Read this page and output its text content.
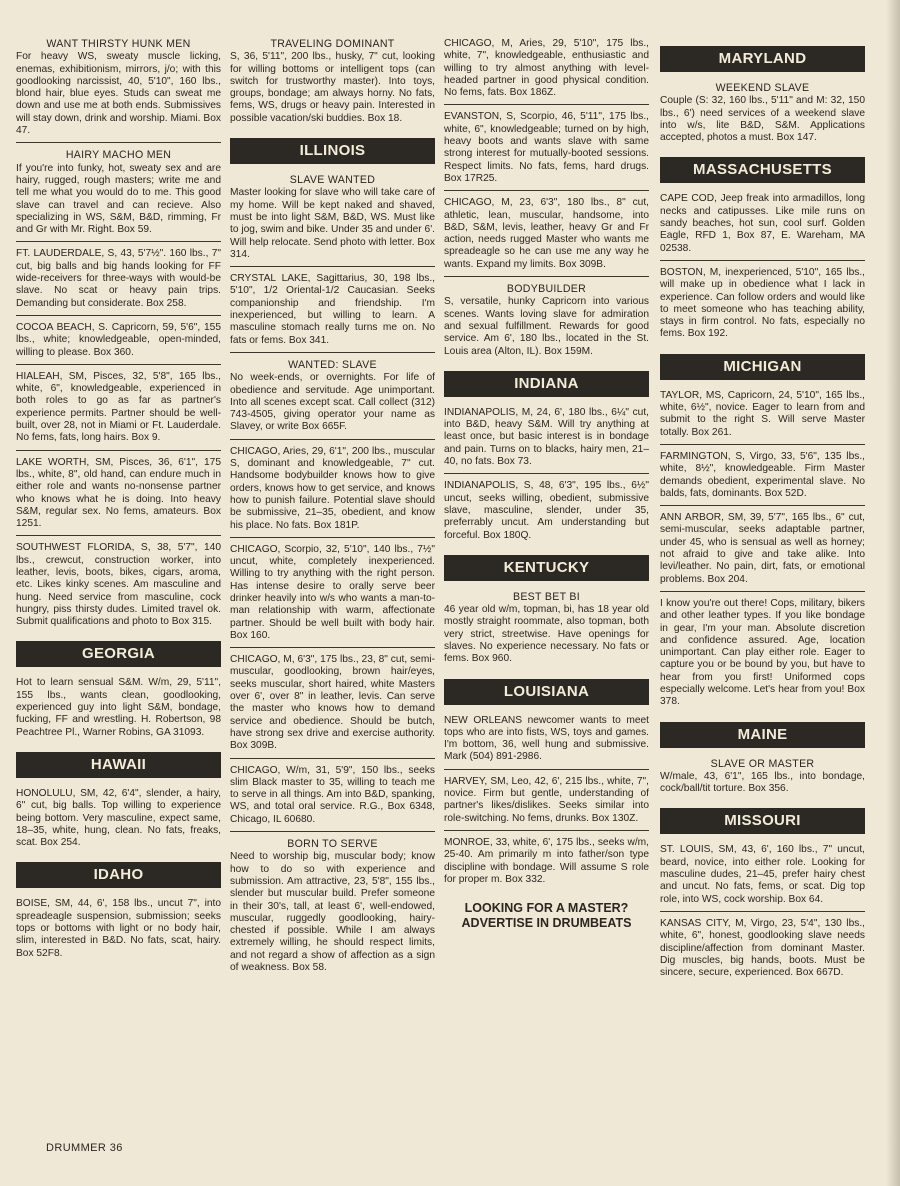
WANT THIRSTY HUNK MEN
For heavy WS, sweaty muscle licking, enemas, exhibitionism, mirrors, j/o; with this goodlooking narcissist, 40, 5'10", 160 lbs., blond hair, blue eyes. Studs can sweat me down and use me at both ends. Submissives will stay down, drink and worship. Miami. Box 47.
HAIRY MACHO MEN
If you're into funky, hot, sweaty sex and are hairy, rugged, rough masters; write me and tell me what you would do to me. This good slave can travel and can recieve. Also specializing in WS, S&M, B&D, rimming, Fr and Gr with Mr. Right. Box 59.
FT. LAUDERDALE, S, 43, 5'7½". 160 lbs., 7" cut, big balls and big hands looking for FF wide-receivers for three-ways with would-be slave. No scat or heavy pain trips. Demanding but considerate. Box 258.
COCOA BEACH, S. Capricorn, 59, 5'6", 155 lbs., white; knowledgeable, open-minded, willing to please. Box 360.
HIALEAH, SM, Pisces, 32, 5'8", 165 lbs., white, 6", knowledgeable, experienced in both roles to go as far as partner's experience permits. Partner should be well-built, over 28, not in Miami or Ft. Lauderdale. No fems, fats, long hairs. Box 9.
LAKE WORTH, SM, Pisces, 36, 6'1", 175 lbs., white, 8", old hand, can endure much in either role and wants no-nonsense partner who knows what he is doing. Into heavy S&M, regular sex. No fems, amateurs. Box 1251.
SOUTHWEST FLORIDA, S, 38, 5'7", 140 lbs., crewcut, construction worker, into leather, levis, boots, bikes, cigars, aroma, etc. Likes kinky scenes. Am masculine and hung. Need service from masculine, cock hungry, piss thirsty dudes. Limited travel ok. Submit qualifications and photo to Box 315.
GEORGIA
Hot to learn sensual S&M. W/m, 29, 5'11", 155 lbs., wants clean, goodlooking, experienced guy into light S&M, bondage, fucking, FF and wrestling. H. Robertson, 98 Peachtree Pl., Warner Robins, GA 31093.
HAWAII
HONOLULU, SM, 42, 6'4", slender, a hairy, 6" cut, big balls. Top willing to experience being bottom. Very masculine, expect same, 18–35, white, hung, clean. No fats, freaks, scat. Box 254.
IDAHO
BOISE, SM, 44, 6', 158 lbs., uncut 7", into spreadeagle suspension, submission; seeks tops or bottoms with light or no body hair, slim, interested in B&D. No fats, scat, hairy. Box 52F8.
TRAVELING DOMINANT
S, 36, 5'11", 200 lbs., husky, 7" cut, looking for willing bottoms or intelligent tops (can switch for trustworthy master). Into toys, groups, bondage; am always horny. No fats, fems, WS, drugs or heavy pain. Interested in possible vacation/ski buddies. Box 18.
ILLINOIS
SLAVE WANTED
Master looking for slave who will take care of my home. Will be kept naked and shaved, must be into light S&M, B&D, WS. Must like to jog, swim and bike. Under 35 and under 6'. Will help relocate. Send photo with letter. Box 314.
CRYSTAL LAKE, Sagittarius, 30, 198 lbs., 5'10", 1/2 Oriental-1/2 Caucasian. Seeks companionship and friendship. I'm inexperienced, but willing to learn. A masculine stomach really turns me on. No fats or fems. Box 341.
WANTED: SLAVE
No week-ends, or overnights. For life of obedience and servitude. Age unimportant. Into all scenes except scat. Call collect (312) 743-4505, giving operator your name as Slavey, or write Box 665F.
CHICAGO, Aries, 29, 6'1", 200 lbs., muscular S, dominant and knowledgeable, 7" cut. Handsome bodybuilder knows how to give orders, knows how to get service, and knows how to punish failure. Potential slave should be submissive, 21–35, obedient, and know his place. No fats. Box 181P.
CHICAGO, Scorpio, 32, 5'10", 140 lbs., 7½" uncut, white, completely inexperienced. Willing to try anything with the right person. Has intense desire to orally serve beer drinker heavily into w/s who wants a man-to-man relationship with warm, affectionate partner. Should be well built with body hair. Box 160.
CHICAGO, M, 6'3", 175 lbs., 23, 8" cut, semi-muscular, goodlooking, brown hair/eyes, seeks muscular, short haired, white Masters over 6', over 8" in leather, levis. Can serve the master who knows how to demand service and obedience. Should be butch, have strong sex drive and exercise authority. Box 309B.
CHICAGO, W/m, 31, 5'9", 150 lbs., seeks slim Black master to 35, willing to teach me to serve in all things. Am into B&D, spanking, WS, and total oral service. R.G., Box 6348, Chicago, IL 60680.
BORN TO SERVE
Need to worship big, muscular body; know how to do so with experience and submission. Am attractive, 23, 5'8", 155 lbs., slender but muscular build. Prefer someone in their 30's, tall, at least 6', well-endowed, muscular, ruggedly goodlooking, hairy-chested if possible. While I am always extremely willing, he should respect limits, and not regard a show of affection as a sign of weakness. Box 58.
CHICAGO, M, Aries, 29, 5'10", 175 lbs., white, 7", knowledgeable, enthusiastic and willing to try almost anything with level-headed partner in good physical condition. No fems, fats. Box 186Z.
EVANSTON, S, Scorpio, 46, 5'11", 175 lbs., white, 6", knowledgeable; turned on by high, heavy boots and wants slave with same strong interest for mutually-booted sessions. Respect limits. No fats, fems, hard drugs. Box 17R25.
CHICAGO, M, 23, 6'3", 180 lbs., 8" cut, athletic, lean, muscular, handsome, into B&D, S&M, levis, leather, heavy Gr and Fr action, needs rugged Master who wants me spreadeagle so he can use me any way he wants. Expand my limits. Box 309B.
BODYBUILDER
S, versatile, hunky Capricorn into various scenes. Wants loving slave for admiration and sexual fulfillment. Rewards for good service. Am 6', 180 lbs., located in the St. Louis area (Alton, IL). Box 159M.
INDIANA
INDIANAPOLIS, M, 24, 6', 180 lbs., 6¼" cut, into B&D, heavy S&M. Will try anything at least once, but basic interest is in bondage and pain. Turns on to blacks, hairy men, 21–40, no fats. Box 73.
INDIANAPOLIS, S, 48, 6'3", 195 lbs., 6½" uncut, seeks willing, obedient, submissive slave, masculine, slender, under 35, preferrably uncut. Am understanding but forceful. Box 180Q.
KENTUCKY
BEST BET BI
46 year old w/m, topman, bi, has 18 year old mostly straight roommate, also topman, both very strict, streetwise. Have openings for slaves. No experience necessary. No fats or fems. Box 960.
LOUISIANA
NEW ORLEANS newcomer wants to meet tops who are into fists, WS, toys and games. I'm bottom, 36, well hung and submissive. Mark (504) 891-2986.
HARVEY, SM, Leo, 42, 6', 215 lbs., white, 7", novice. Firm but gentle, understanding of partner's likes/dislikes. Seeks similar into role-switching. No fems, drunks. Box 130Z.
MONROE, 33, white, 6', 175 lbs., seeks w/m, 25-40. Am primarily m into father/son type discipline with bondage. Will assume S role for proper m. Box 332.
LOOKING FOR A MASTER? ADVERTISE IN DRUMBEATS
MARYLAND
WEEKEND SLAVE
Couple (S: 32, 160 lbs., 5'11" and M: 32, 150 lbs., 6') need services of a weekend slave into w/s, lite B&D, S&M. Applications accepted, photos a must. Box 147.
MASSACHUSETTS
CAPE COD, Jeep freak into armadillos, long necks and catipusses. Like mile runs on sandy beaches, hot sun, cool surf. Golden Eagle, RFD 1, Box 87, E. Wareham, MA 02538.
BOSTON, M, inexperienced, 5'10", 165 lbs., will make up in obedience what I lack in experience. Can follow orders and would like to meet someone who has teaching ability, stays in firm control. No fats, especially no fems. Box 192.
MICHIGAN
TAYLOR, MS, Capricorn, 24, 5'10", 165 lbs., white, 6½", novice. Eager to learn from and submit to the right S. Will serve Master totally. Box 261.
FARMINGTON, S, Virgo, 33, 5'6", 135 lbs., white, 8½", knowledgeable. Firm Master demands obedient, experimental slave. No balds, fats, dominants. Box 52D.
ANN ARBOR, SM, 39, 5'7", 165 lbs., 6" cut, semi-muscular, seeks adaptable partner, under 45, who is sensual as well as horney; not afraid to give and take alike. Into levi/leather. No pain, dirt, fats, or emotional problems. Box 204.
I know you're out there! Cops, military, bikers and other leather types. If you like bondage in gear, I'm your man. Absolute discretion and confidence assured. Age, location unimportant. Can play either role. Eager to capture you or be bound by you, but have to hear from you first! Uniformed cops especially welcome. Let's hear from you! Box 378.
MAINE
SLAVE OR MASTER
W/male, 43, 6'1", 165 lbs., into bondage, cock/ball/tit torture. Box 356.
MISSOURI
ST. LOUIS, SM, 43, 6', 160 lbs., 7" uncut, beard, novice, into either role. Looking for masculine dudes, 21–45, prefer hairy chest and uncut. No fats, fems, or scat. Dig top role, into WS, cock worship. Box 64.
KANSAS CITY, M, Virgo, 23, 5'4", 130 lbs., white, 6", honest, goodlooking slave needs discipline/affection from dominant Master. Dig muscles, big hands, boots. Must be sincere, secure, experienced. Box 667D.
DRUMMER 36
